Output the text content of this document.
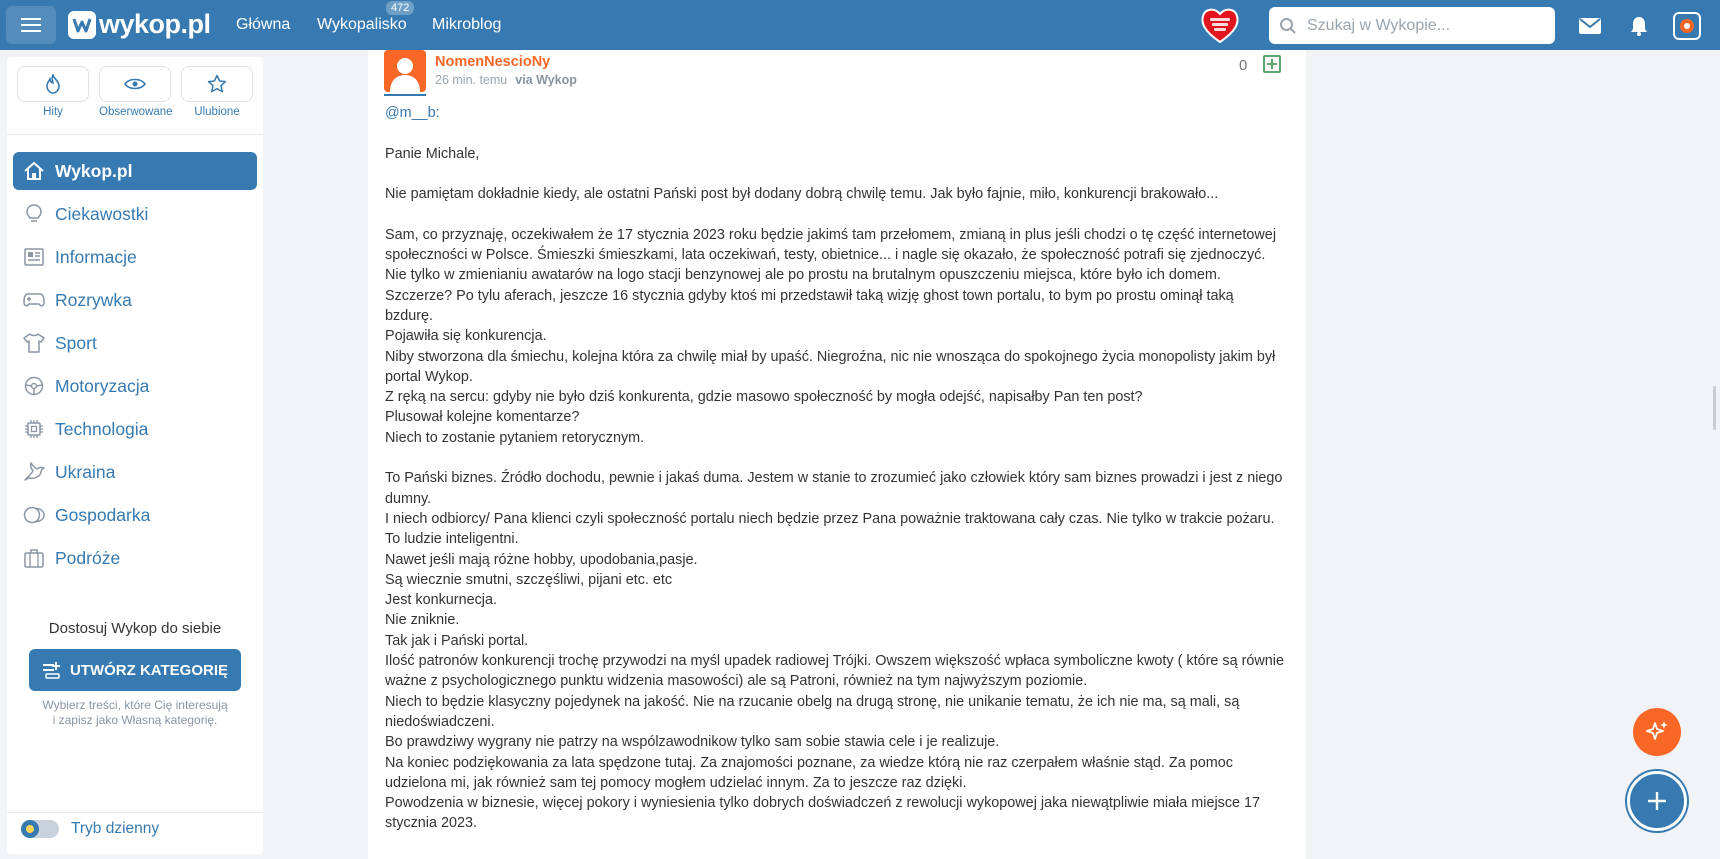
wykop.pl Główna Wykopalisko
472
Mikroblog
Szukaj w Wykopie...
Hity	Obserwowane	Ulubione
Wykop.pl
Ciekawostki
Informacje
Rozrywka
Sport
Motoryzacja
Technologia
Ukraina
Gospodarka
Podróże
Dostosuj Wykop do siebie
UTWÓRZ KATEGORIĘ
Wybierz treści, które Cię interesują
i zapisz jako Własną kategorię.
Tryb dzienny
NomenNescioNy
26 min. temu via Wykop
0

@m__b:

Panie Michale,

Nie pamiętam dokładnie kiedy, ale ostatni Pański post był dodany dobrą chwilę temu. Jak było fajnie, miło, konkurencji brakowało...

Sam, co przyznaję, oczekiwałem że 17 stycznia 2023 roku będzie jakimś tam przełomem, zmianą in plus jeśli chodzi o tę część internetowej społeczności w Polsce. Śmieszki śmieszkami, lata oczekiwań, testy, obietnice... i nagle się okazało, że społeczność potrafi się zjednoczyć. Nie tylko w zmienianiu awatarów na logo stacji benzynowej ale po prostu na brutalnym opuszczeniu miejsca, które było ich domem.

Szczerze? Po tylu aferach, jeszcze 16 stycznia gdyby ktoś mi przedstawił taką wizję ghost town portalu, to bym po prostu ominął taką bzdurę.

Pojawiła się konkurencja.

Niby stworzona dla śmiechu, kolejna która za chwilę miał by upaść. Niegroźna, nic nie wnosząca do spokojnego życia monopolisty jakim był portal Wykop.

Z ręką na sercu: gdyby nie było dziś konkurenta, gdzie masowo społeczność by mogła odejść, napisałby Pan ten post?

Plusował kolejne komentarze?

Niech to zostanie pytaniem retorycznym.

To Pański biznes. Źródło dochodu, pewnie i jakaś duma. Jestem w stanie to zrozumieć jako człowiek który sam biznes prowadzi i jest z niego dumny.

I niech odbiorcy/ Pana klienci czyli społeczność portalu niech będzie przez Pana poważnie traktowana cały czas. Nie tylko w trakcie pożaru. To ludzie inteligentni.

Nawet jeśli mają różne hobby, upodobania,pasje.

Są wiecznie smutni, szczęśliwi, pijani etc. etc

Jest konkurnecja.

Nie zniknie.

Tak jak i Pański portal.

Ilość patronów konkurencji trochę przywodzi na myśl upadek radiowej Trójki. Owszem większość wpłaca symboliczne kwoty ( które są równie ważne z psychologicznego punktu widzenia masowości) ale są Patroni, również na tym najwyższym poziomie.

Niech to będzie klasyczny pojedynek na jakość. Nie na rzucanie obelg na drugą stronę, nie unikanie tematu, że ich nie ma, są mali, są niedoświadczeni.

Bo prawdziwy wygrany nie patrzy na wspólzawodnikow tylko sam sobie stawia cele i je realizuje.

Na koniec podziękowania za lata spędzone tutaj. Za znajomości poznane, za wiedze którą nie raz czerpałem właśnie stąd. Za pomoc udzielona mi, jak również sam tej pomocy mogłem udzielać innym. Za to jeszcze raz dzięki.

Powodzenia w biznesie, więcej pokory i wyniesienia tylko dobrych doświadczeń z rewolucji wykopowej jaka niewątpliwie miała miejsce 17 stycznia 2023.
